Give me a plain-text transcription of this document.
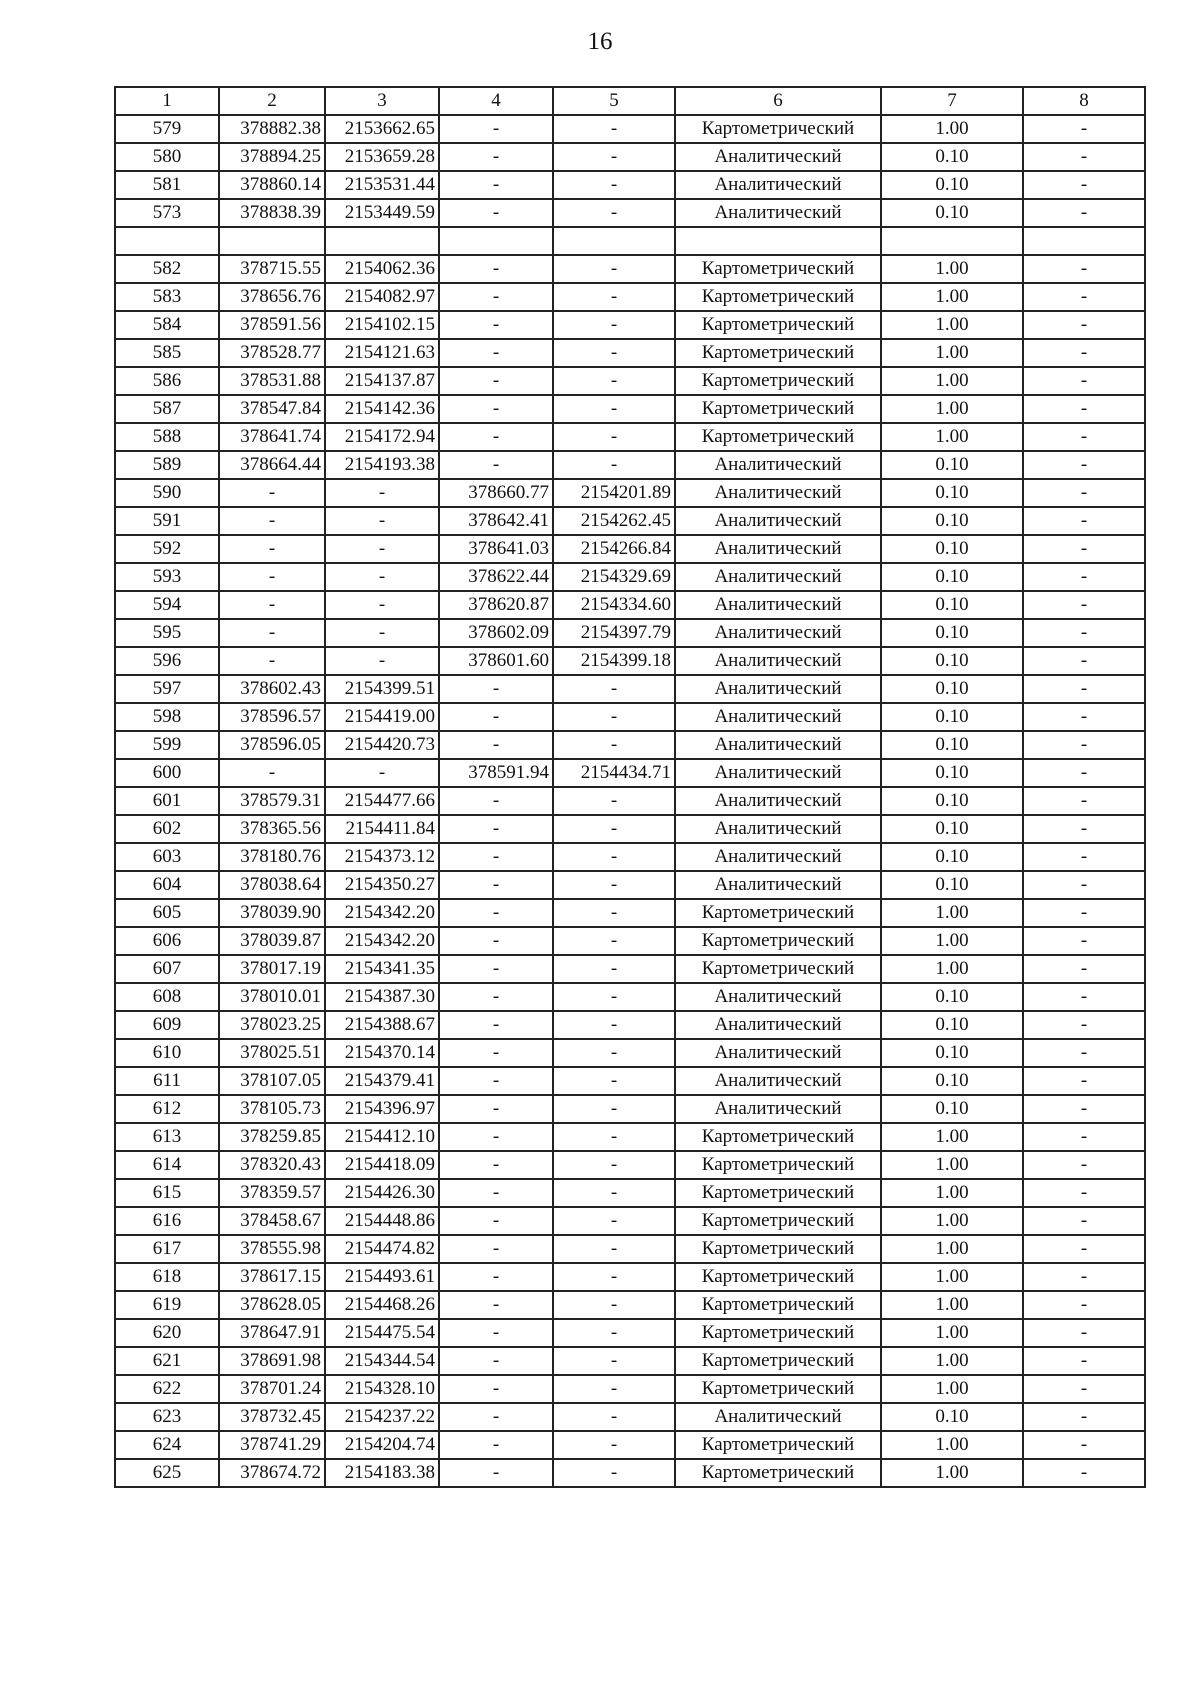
16
1	2	3	4	5	6	7	8
579	378882.38	2153662.65	-	-	Картометрический	1.00	-
580	378894.25	2153659.28	-	-	Аналитический	0.10	-
581	378860.14	2153531.44	-	-	Аналитический	0.10	-
573	378838.39	2153449.59	-	-	Аналитический	0.10	-

582	378715.55	2154062.36	-	-	Картометрический	1.00	-
583	378656.76	2154082.97	-	-	Картометрический	1.00	-
584	378591.56	2154102.15	-	-	Картометрический	1.00	-
585	378528.77	2154121.63	-	-	Картометрический	1.00	-
586	378531.88	2154137.87	-	-	Картометрический	1.00	-
587	378547.84	2154142.36	-	-	Картометрический	1.00	-
588	378641.74	2154172.94	-	-	Картометрический	1.00	-
589	378664.44	2154193.38	-	-	Аналитический	0.10	-
590	-	-	378660.77	2154201.89	Аналитический	0.10	-
591	-	-	378642.41	2154262.45	Аналитический	0.10	-
592	-	-	378641.03	2154266.84	Аналитический	0.10	-
593	-	-	378622.44	2154329.69	Аналитический	0.10	-
594	-	-	378620.87	2154334.60	Аналитический	0.10	-
595	-	-	378602.09	2154397.79	Аналитический	0.10	-
596	-	-	378601.60	2154399.18	Аналитический	0.10	-
597	378602.43	2154399.51	-	-	Аналитический	0.10	-
598	378596.57	2154419.00	-	-	Аналитический	0.10	-
599	378596.05	2154420.73	-	-	Аналитический	0.10	-
600	-	-	378591.94	2154434.71	Аналитический	0.10	-
601	378579.31	2154477.66	-	-	Аналитический	0.10	-
602	378365.56	2154411.84	-	-	Аналитический	0.10	-
603	378180.76	2154373.12	-	-	Аналитический	0.10	-
604	378038.64	2154350.27	-	-	Аналитический	0.10	-
605	378039.90	2154342.20	-	-	Картометрический	1.00	-
606	378039.87	2154342.20	-	-	Картометрический	1.00	-
607	378017.19	2154341.35	-	-	Картометрический	1.00	-
608	378010.01	2154387.30	-	-	Аналитический	0.10	-
609	378023.25	2154388.67	-	-	Аналитический	0.10	-
610	378025.51	2154370.14	-	-	Аналитический	0.10	-
611	378107.05	2154379.41	-	-	Аналитический	0.10	-
612	378105.73	2154396.97	-	-	Аналитический	0.10	-
613	378259.85	2154412.10	-	-	Картометрический	1.00	-
614	378320.43	2154418.09	-	-	Картометрический	1.00	-
615	378359.57	2154426.30	-	-	Картометрический	1.00	-
616	378458.67	2154448.86	-	-	Картометрический	1.00	-
617	378555.98	2154474.82	-	-	Картометрический	1.00	-
618	378617.15	2154493.61	-	-	Картометрический	1.00	-
619	378628.05	2154468.26	-	-	Картометрический	1.00	-
620	378647.91	2154475.54	-	-	Картометрический	1.00	-
621	378691.98	2154344.54	-	-	Картометрический	1.00	-
622	378701.24	2154328.10	-	-	Картометрический	1.00	-
623	378732.45	2154237.22	-	-	Аналитический	0.10	-
624	378741.29	2154204.74	-	-	Картометрический	1.00	-
625	378674.72	2154183.38	-	-	Картометрический	1.00	-
